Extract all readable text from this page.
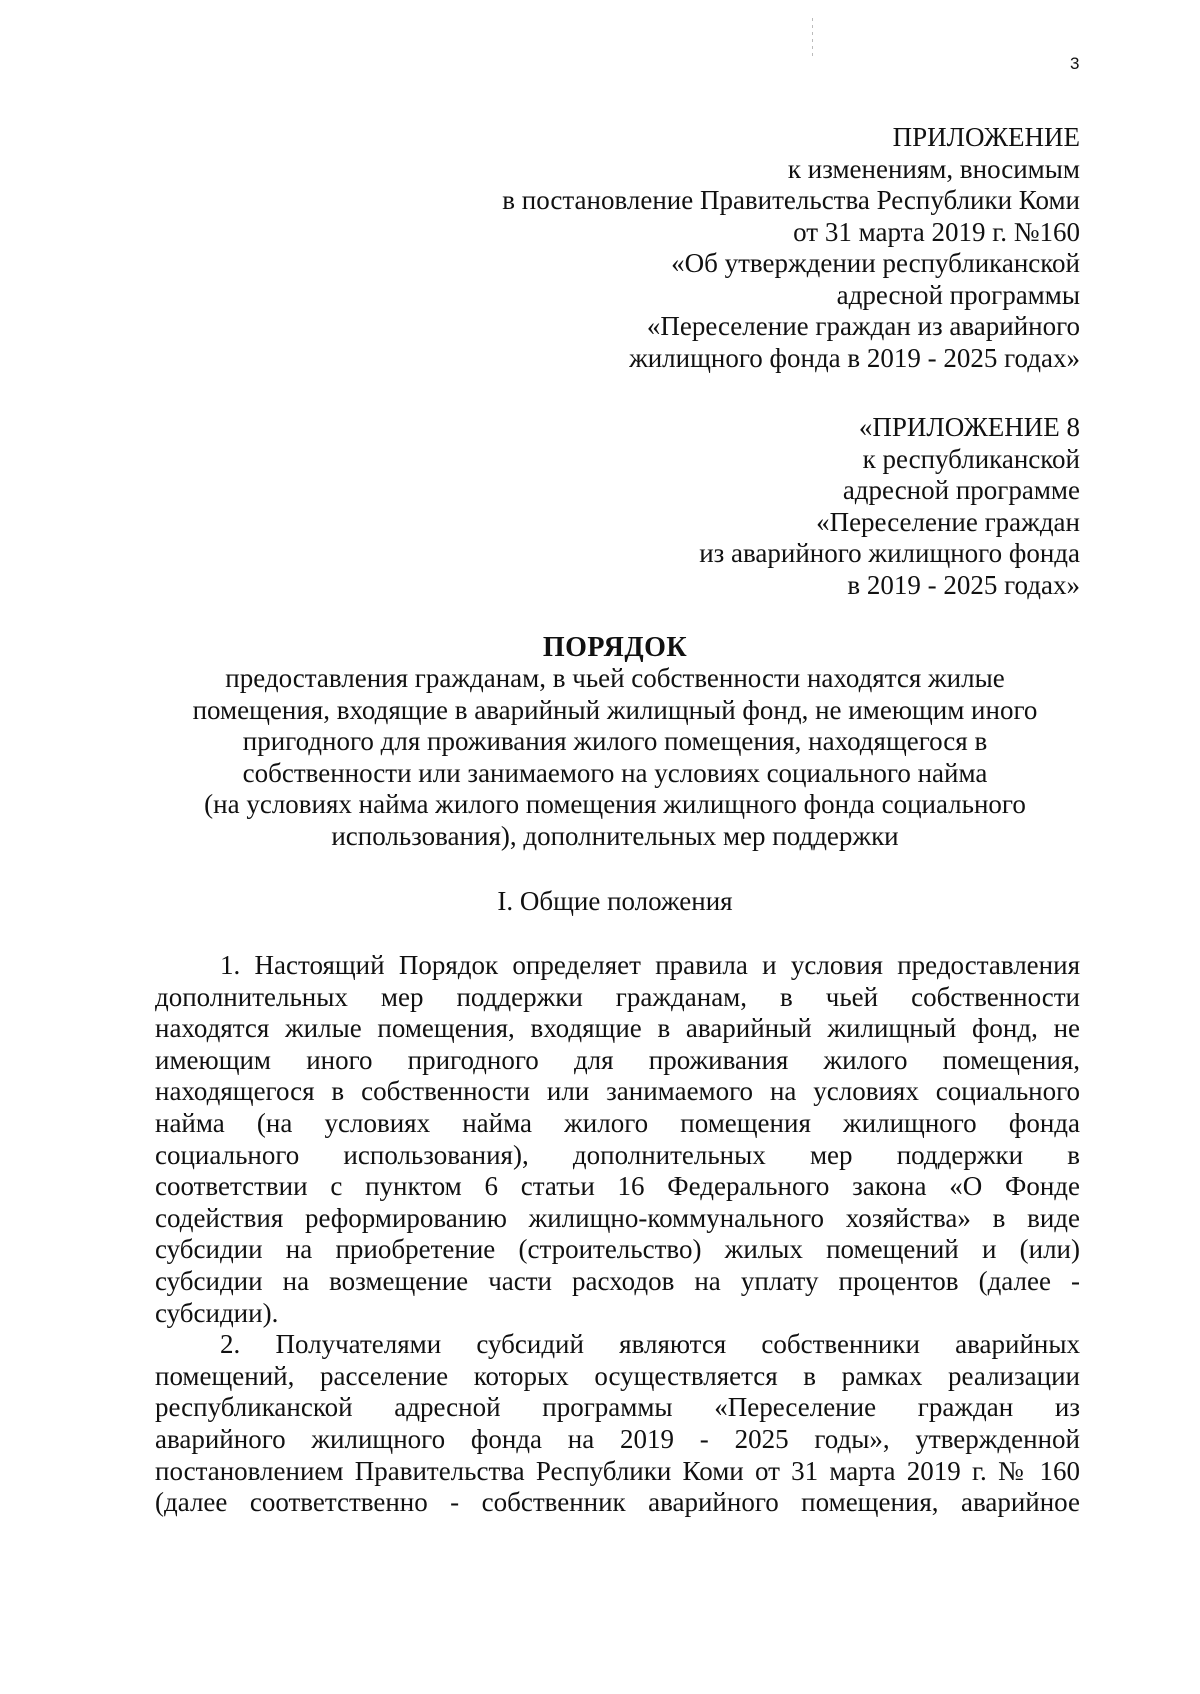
3
ПРИЛОЖЕНИЕ
к изменениям, вносимым
в постановление Правительства Республики Коми
от 31 марта 2019 г. №160
«Об утверждении республиканской
адресной программы
«Переселение граждан из аварийного
жилищного фонда в 2019 - 2025 годах»
«ПРИЛОЖЕНИЕ 8
к республиканской
адресной программе
«Переселение граждан
из аварийного жилищного фонда
в 2019 - 2025 годах»
ПОРЯДОК
предоставления гражданам, в чьей собственности находятся жилые
помещения, входящие в аварийный жилищный фонд, не имеющим иного
пригодного для проживания жилого помещения, находящегося в
собственности или занимаемого на условиях социального найма
(на условиях найма жилого помещения жилищного фонда социального
использования), дополнительных мер поддержки
I. Общие положения
1. Настоящий Порядок определяет правила и условия предоставления
дополнительных мер поддержки гражданам, в чьей собственности
находятся жилые помещения, входящие в аварийный жилищный фонд, не
имеющим иного пригодного для проживания жилого помещения,
находящегося в собственности или занимаемого на условиях социального
найма (на условиях найма жилого помещения жилищного фонда
социального использования), дополнительных мер поддержки в
соответствии с пунктом 6 статьи 16 Федерального закона «О Фонде
содействия реформированию жилищно-коммунального хозяйства» в виде
субсидии на приобретение (строительство) жилых помещений и (или)
субсидии на возмещение части расходов на уплату процентов (далее -
субсидии).
2. Получателями субсидий являются собственники аварийных
помещений, расселение которых осуществляется в рамках реализации
республиканской адресной программы «Переселение граждан из
аварийного жилищного фонда на 2019 - 2025 годы», утвержденной
постановлением Правительства Республики Коми от 31 марта 2019 г. № 160
(далее соответственно - собственник аварийного помещения, аварийное
